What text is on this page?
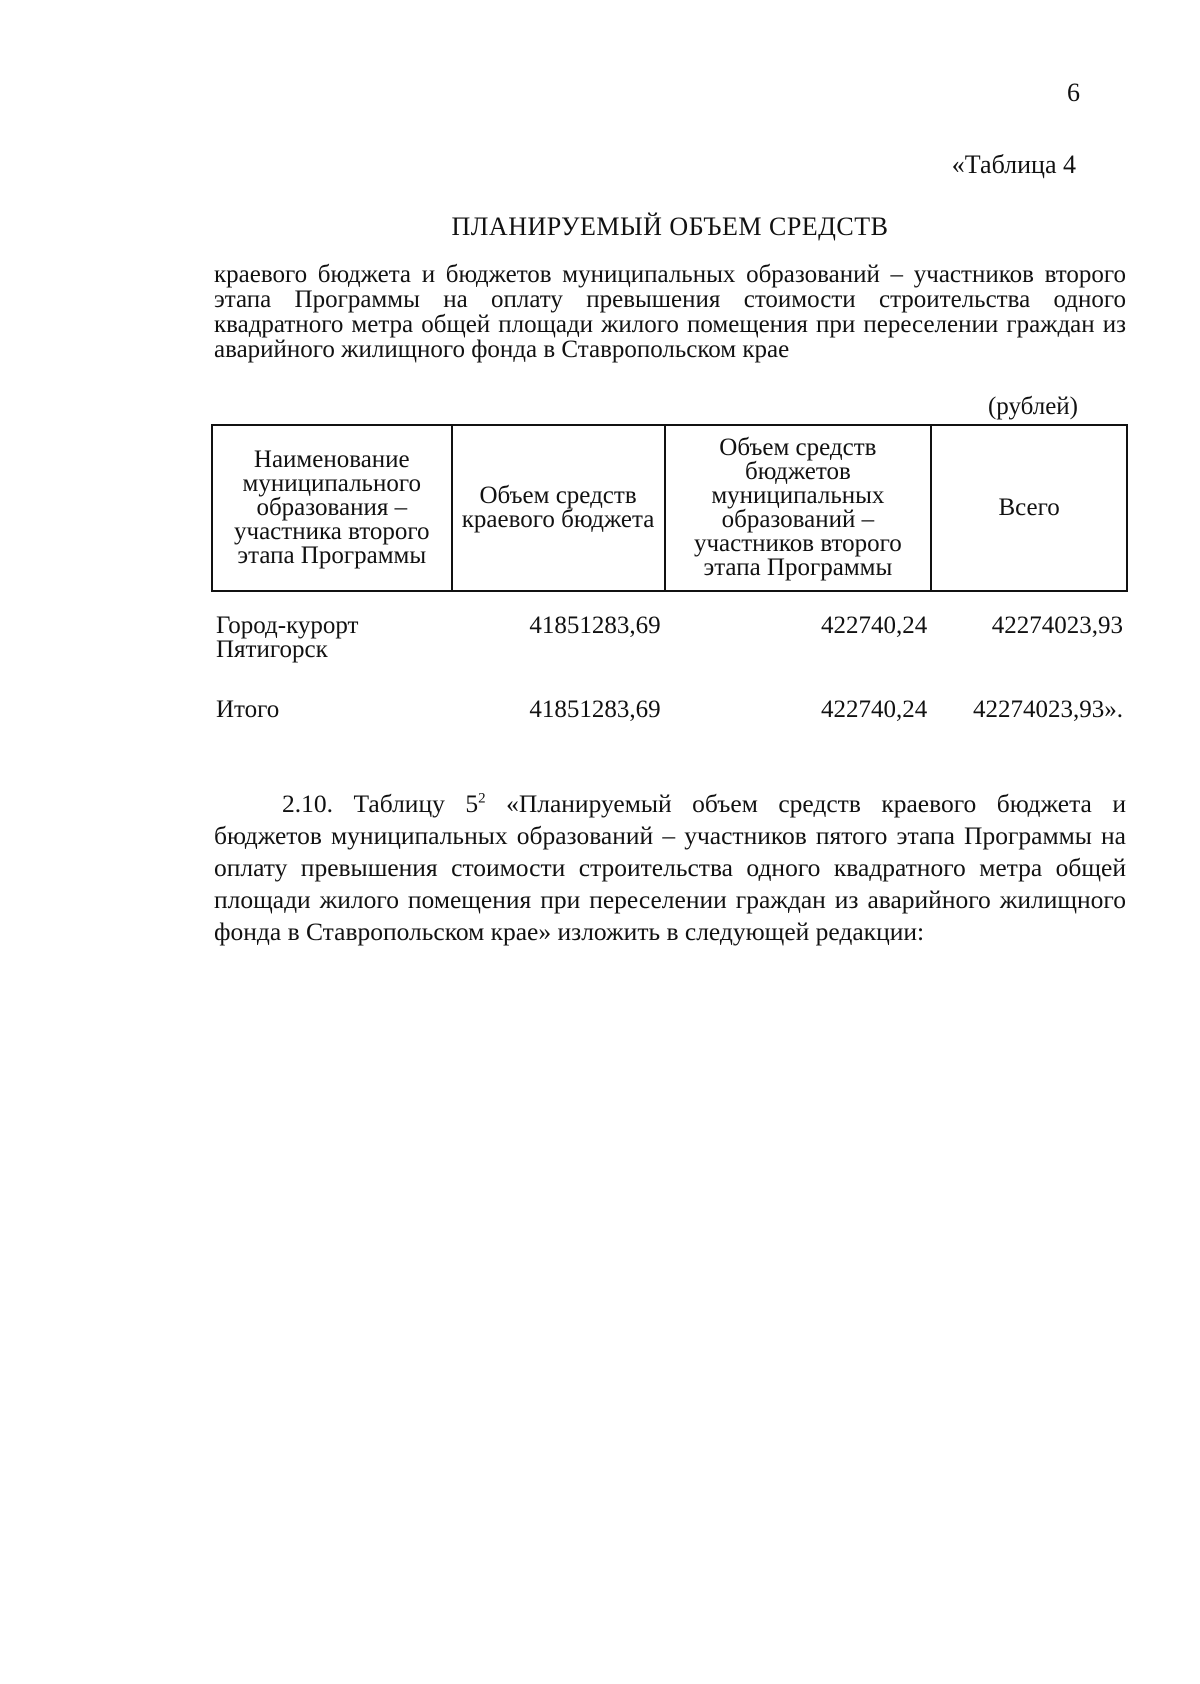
6
«Таблица 4
ПЛАНИРУЕМЫЙ ОБЪЕМ СРЕДСТВ
краевого бюджета и бюджетов муниципальных образований – участников второго этапа Программы на оплату превышения стоимости строительства одного квадратного метра общей площади жилого помещения при переселении граждан из аварийного жилищного фонда в Ставропольском крае
(рублей)
Наименование муниципального образования – участника второго этапа Программы	Объем средств краевого бюджета	Объем средств бюджетов муниципальных образований – участников второго этапа Программы	Всего
Город-курорт Пятигорск	41851283,69	422740,24	42274023,93
Итого	41851283,69	422740,24	42274023,93».

2.10. Таблицу $5^2$ «Планируемый объем средств краевого бюджета и бюджетов муниципальных образований – участников пятого этапа Программы на оплату превышения стоимости строительства одного квадратного метра общей площади жилого помещения при переселении граждан из аварийного жилищного фонда в Ставропольском крае» изложить в следующей редакции:
